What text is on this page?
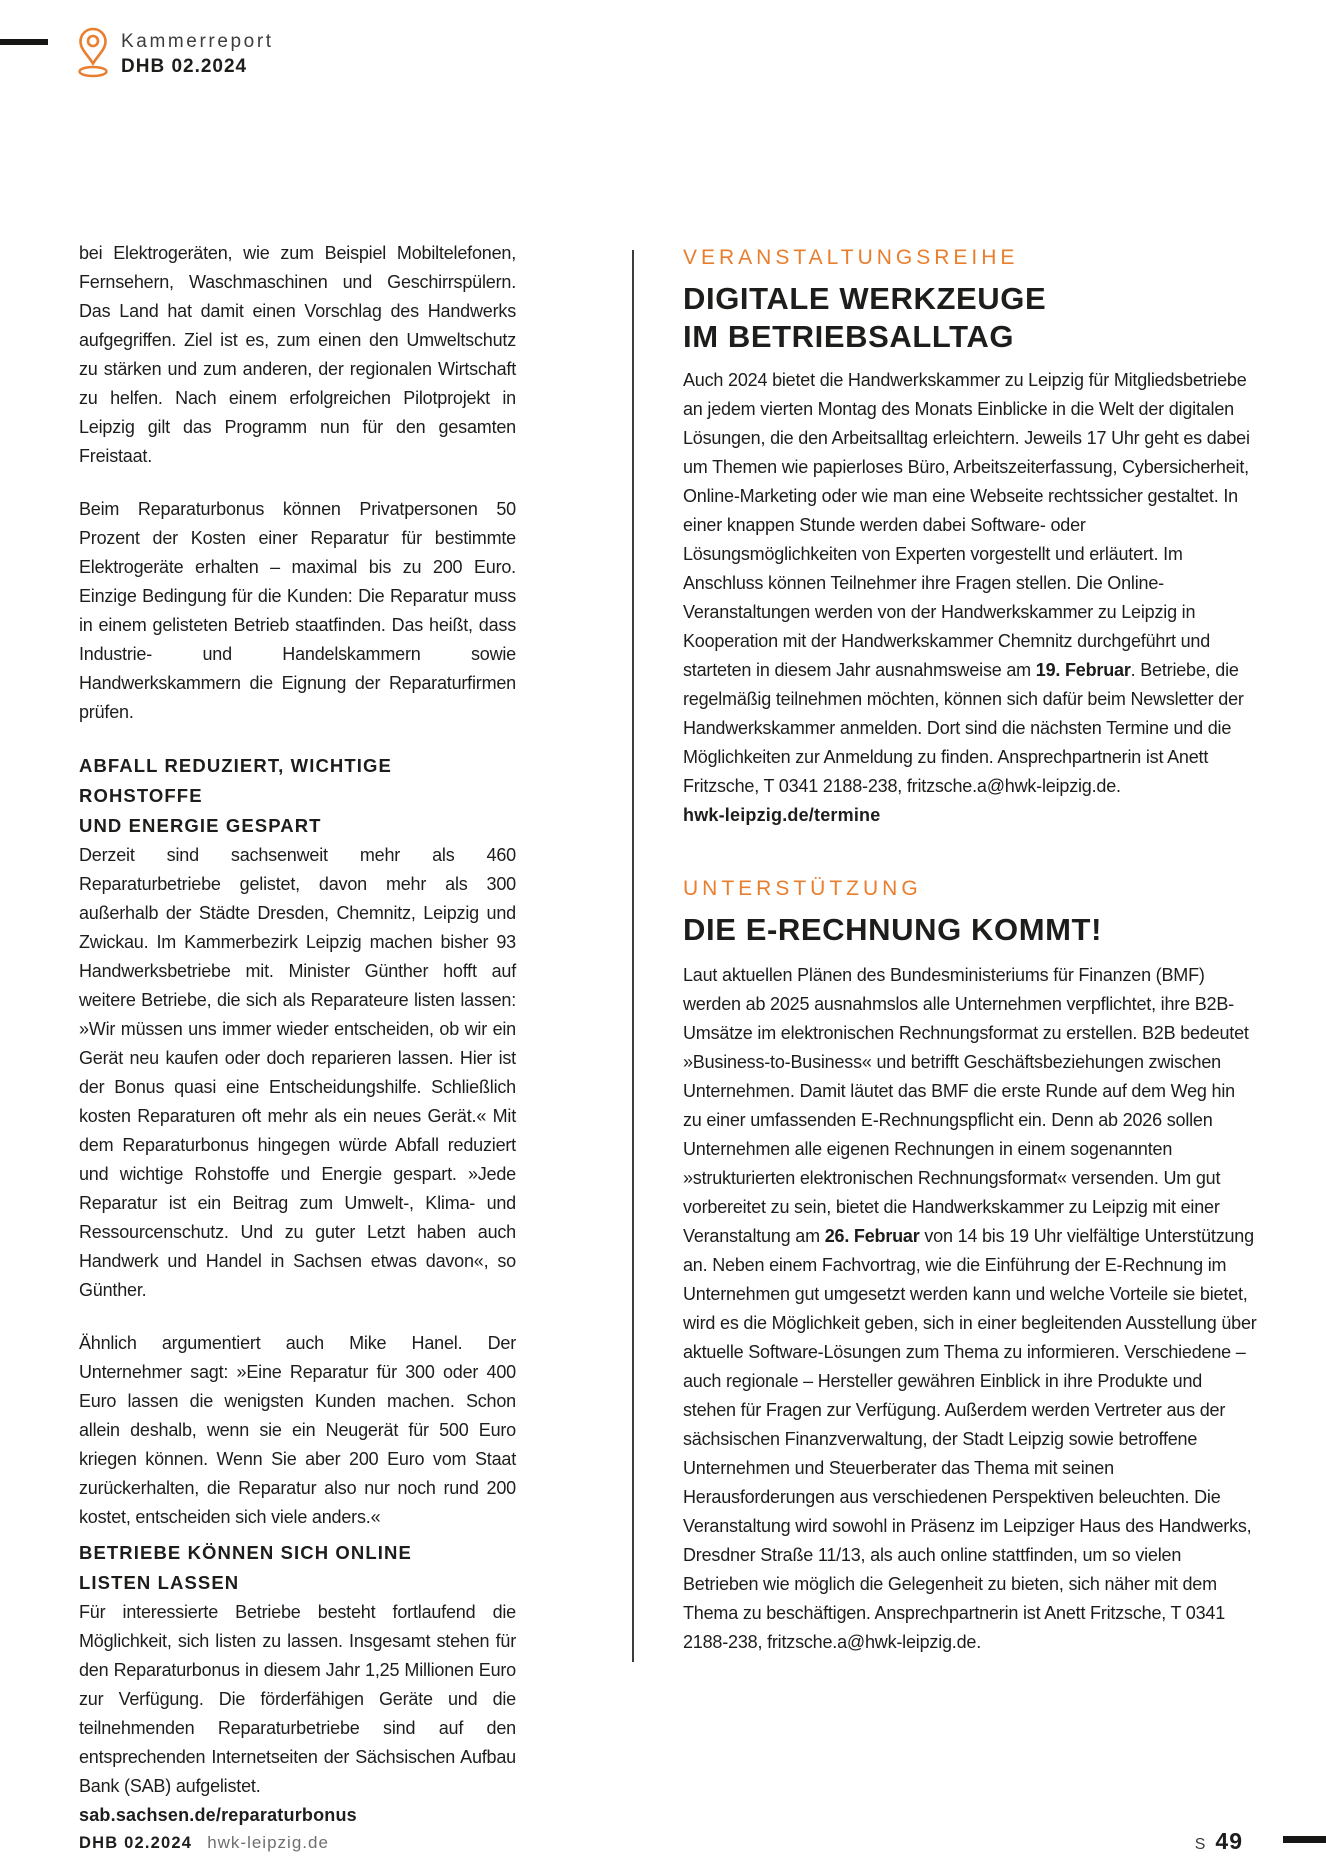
Kammerreport
DHB 02.2024

bei Elektrogeräten, wie zum Beispiel Mobiltelefonen, Fernsehern, Waschmaschinen und Geschirrspülern. Das Land hat damit einen Vorschlag des Handwerks aufgegriffen. Ziel ist es, zum einen den Umweltschutz zu stärken und zum anderen, der regionalen Wirtschaft zu helfen. Nach einem erfolgreichen Pilotprojekt in Leipzig gilt das Programm nun für den gesamten Freistaat.

Beim Reparaturbonus können Privatpersonen 50 Prozent der Kosten einer Reparatur für bestimmte Elektrogeräte erhalten – maximal bis zu 200 Euro. Einzige Bedingung für die Kunden: Die Reparatur muss in einem gelisteten Betrieb staatfinden. Das heißt, dass Industrie- und Handelskammern sowie Handwerkskammern die Eignung der Reparaturfirmen prüfen.

ABFALL REDUZIERT, WICHTIGE ROHSTOFFE
UND ENERGIE GESPART

Derzeit sind sachsenweit mehr als 460 Reparaturbetriebe gelistet, davon mehr als 300 außerhalb der Städte Dresden, Chemnitz, Leipzig und Zwickau. Im Kammerbezirk Leipzig machen bisher 93 Handwerksbetriebe mit. Minister Günther hofft auf weitere Betriebe, die sich als Reparateure listen lassen: »Wir müssen uns immer wieder entscheiden, ob wir ein Gerät neu kaufen oder doch reparieren lassen. Hier ist der Bonus quasi eine Entscheidungshilfe. Schließlich kosten Reparaturen oft mehr als ein neues Gerät.« Mit dem Reparaturbonus hingegen würde Abfall reduziert und wichtige Rohstoffe und Energie gespart. »Jede Reparatur ist ein Beitrag zum Umwelt-, Klima- und Ressourcenschutz. Und zu guter Letzt haben auch Handwerk und Handel in Sachsen etwas davon«, so Günther.

Ähnlich argumentiert auch Mike Hanel. Der Unternehmer sagt: »Eine Reparatur für 300 oder 400 Euro lassen die wenigsten Kunden machen. Schon allein deshalb, wenn sie ein Neugerät für 500 Euro kriegen können. Wenn Sie aber 200 Euro vom Staat zurückerhalten, die Reparatur also nur noch rund 200 kostet, entscheiden sich viele anders.«

BETRIEBE KÖNNEN SICH ONLINE
LISTEN LASSEN

Für interessierte Betriebe besteht fortlaufend die Möglichkeit, sich listen zu lassen. Insgesamt stehen für den Reparaturbonus in diesem Jahr 1,25 Millionen Euro zur Verfügung. Die förderfähigen Geräte und die teilnehmenden Reparaturbetriebe sind auf den entsprechenden Internetseiten der Sächsischen Aufbau Bank (SAB) aufgelistet.

sab.sachsen.de/reparaturbonus
VERANSTALTUNGSREIHE
DIGITALE WERKZEUGE
IM BETRIEBSALLTAG

Auch 2024 bietet die Handwerkskammer zu Leipzig für Mitgliedsbetriebe an jedem vierten Montag des Monats Einblicke in die Welt der digitalen Lösungen, die den Arbeitsalltag erleichtern. Jeweils 17 Uhr geht es dabei um Themen wie papierloses Büro, Arbeitszeiterfassung, Cybersicherheit, Online-Marketing oder wie man eine Webseite rechtssicher gestaltet. In einer knappen Stunde werden dabei Software- oder Lösungsmöglichkeiten von Experten vorgestellt und erläutert. Im Anschluss können Teilnehmer ihre Fragen stellen. Die Online-Veranstaltungen werden von der Handwerkskammer zu Leipzig in Kooperation mit der Handwerkskammer Chemnitz durchgeführt und starteten in diesem Jahr ausnahmsweise am 19. Februar. Betriebe, die regelmäßig teilnehmen möchten, können sich dafür beim Newsletter der Handwerkskammer anmelden. Dort sind die nächsten Termine und die Möglichkeiten zur Anmeldung zu finden. Ansprechpartnerin ist Anett Fritzsche, T 0341 2188-238, fritzsche.a@hwk-leipzig.de.

hwk-leipzig.de/termine
UNTERSTÜTZUNG
DIE E-RECHNUNG KOMMT!

Laut aktuellen Plänen des Bundesministeriums für Finanzen (BMF) werden ab 2025 ausnahmslos alle Unternehmen verpflichtet, ihre B2B-Umsätze im elektronischen Rechnungsformat zu erstellen. B2B bedeutet »Business-to-Business« und betrifft Geschäftsbeziehungen zwischen Unternehmen. Damit läutet das BMF die erste Runde auf dem Weg hin zu einer umfassenden E-Rechnungspflicht ein. Denn ab 2026 sollen Unternehmen alle eigenen Rechnungen in einem sogenannten »strukturierten elektronischen Rechnungsformat« versenden. Um gut vorbereitet zu sein, bietet die Handwerkskammer zu Leipzig mit einer Veranstaltung am 26. Februar von 14 bis 19 Uhr vielfältige Unterstützung an. Neben einem Fachvortrag, wie die Einführung der E-Rechnung im Unternehmen gut umgesetzt werden kann und welche Vorteile sie bietet, wird es die Möglichkeit geben, sich in einer begleitenden Ausstellung über aktuelle Software-Lösungen zum Thema zu informieren. Verschiedene – auch regionale – Hersteller gewähren Einblick in ihre Produkte und stehen für Fragen zur Verfügung. Außerdem werden Vertreter aus der sächsischen Finanzverwaltung, der Stadt Leipzig sowie betroffene Unternehmen und Steuerberater das Thema mit seinen Herausforderungen aus verschiedenen Perspektiven beleuchten. Die Veranstaltung wird sowohl in Präsenz im Leipziger Haus des Handwerks, Dresdner Straße 11/13, als auch online stattfinden, um so vielen Betrieben wie möglich die Gelegenheit zu bieten, sich näher mit dem Thema zu beschäftigen. Ansprechpartnerin ist Anett Fritzsche, T 0341 2188-238, fritzsche.a@hwk-leipzig.de.

DHB 02.2024 hwk-leipzig.de	S 49
